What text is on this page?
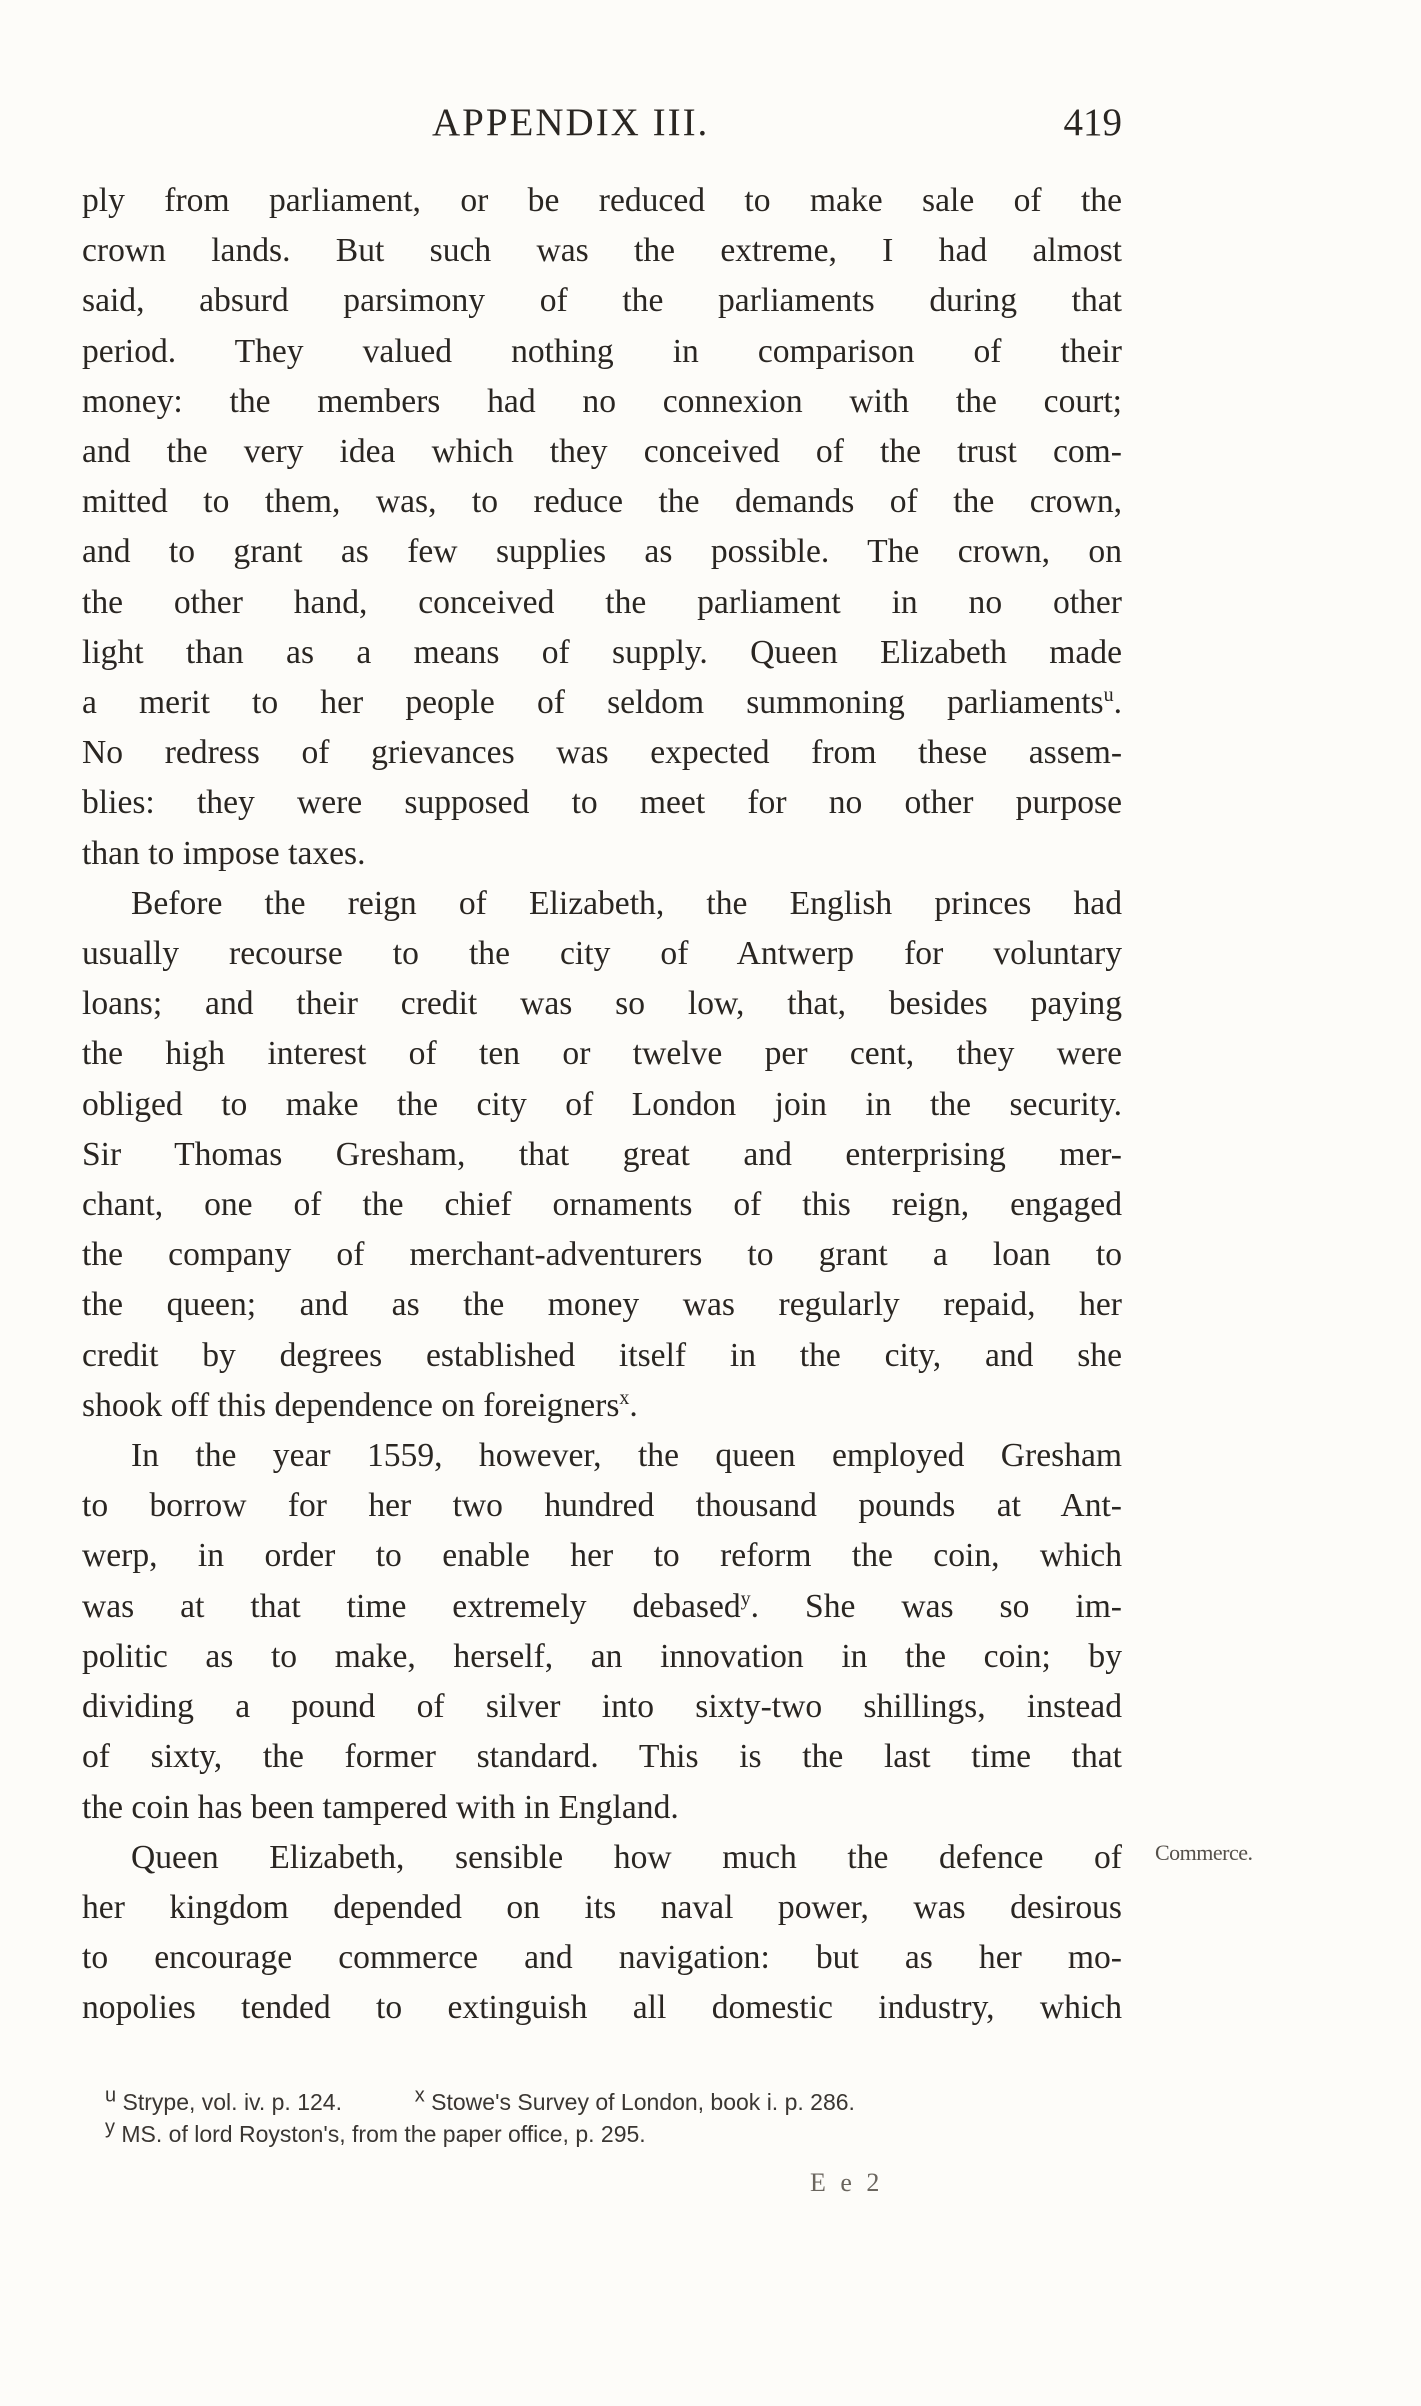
APPENDIX III.	419
ply from parliament, or be reduced to make sale of the
crown lands. But such was the extreme, I had almost
said, absurd parsimony of the parliaments during that
period. They valued nothing in comparison of their
money: the members had no connexion with the court;
and the very idea which they conceived of the trust com-
mitted to them, was, to reduce the demands of the crown,
and to grant as few supplies as possible. The crown, on
the other hand, conceived the parliament in no other
light than as a means of supply. Queen Elizabeth made
a merit to her people of seldom summoning parliaments$^u$.
No redress of grievances was expected from these assem-
blies: they were supposed to meet for no other purpose
than to impose taxes.
Before the reign of Elizabeth, the English princes had
usually recourse to the city of Antwerp for voluntary
loans; and their credit was so low, that, besides paying
the high interest of ten or twelve per cent, they were
obliged to make the city of London join in the security.
Sir Thomas Gresham, that great and enterprising mer-
chant, one of the chief ornaments of this reign, engaged
the company of merchant-adventurers to grant a loan to
the queen; and as the money was regularly repaid, her
credit by degrees established itself in the city, and she
shook off this dependence on foreigners$^x$.
In the year 1559, however, the queen employed Gresham
to borrow for her two hundred thousand pounds at Ant-
werp, in order to enable her to reform the coin, which
was at that time extremely debased$^y$. She was so im-
politic as to make, herself, an innovation in the coin; by
dividing a pound of silver into sixty-two shillings, instead
of sixty, the former standard. This is the last time that
the coin has been tampered with in England.
Queen Elizabeth, sensible how much the defence of
her kingdom depended on its naval power, was desirous
to encourage commerce and navigation: but as her mo-
nopolies tended to extinguish all domestic industry, which
Commerce.
$^u$ Strype, vol. iv. p. 124.	$^x$ Stowe's Survey of London, book i. p. 286.
$^y$ MS. of lord Royston's, from the paper office, p. 295.
E e 2
